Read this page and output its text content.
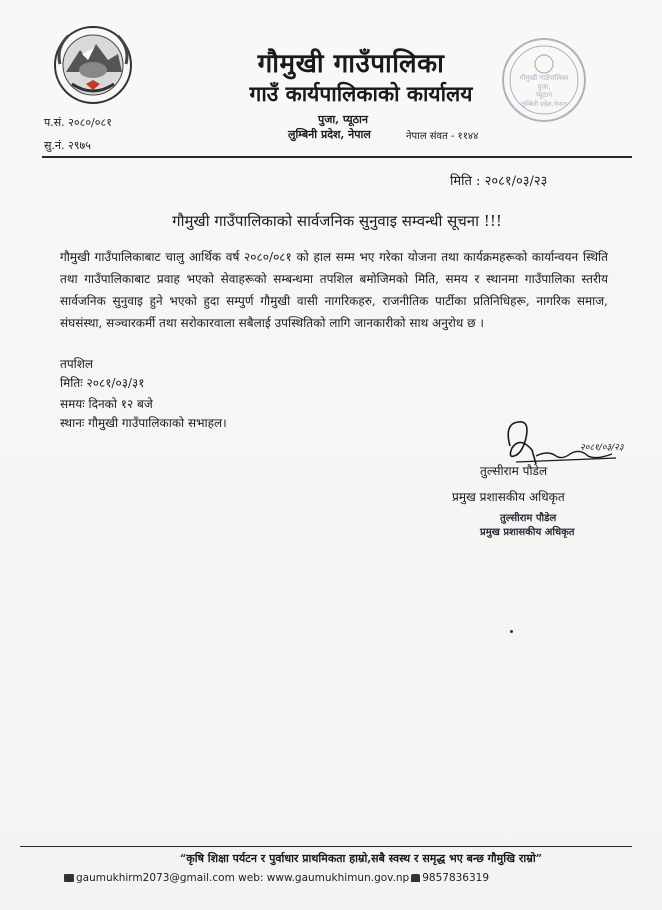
गौमुखी गाउँपालिका
पुजा,
प्यूठान
लुम्बिनी प्रदेश,नेपाल
गौमुखी गाउँपालिका
गाउँ कार्यपालिकाको कार्यालय
पुजा, प्यूठान
लुम्बिनी प्रदेश, नेपाल	नेपाल संवत - ११४४
प.सं. २०८०/०८१
सु.नं. २९७५
मिति : २०८१/०३/२३
गौमुखी गाउँपालिकाको सार्वजनिक सुनुवाइ सम्वन्धी सूचना !!!

गौमुखी गाउँपालिकाबाट चालु आर्थिक वर्ष २०८०/०८१ को हाल सम्म भए गरेका योजना तथा कार्यक्रमहरूको कार्यान्वयन स्थिति तथा गाउँपालिकाबाट प्रवाह भएको सेवाहरूको सम्बन्धमा तपशिल बमोजिमको मिति, समय र स्थानमा गाउँपालिका स्तरीय सार्वजनिक सुनुवाइ हुने भएको हुदा सम्पुर्ण गौमुखी वासी नागरिकहरु, राजनीतिक पार्टीका प्रतिनिधिहरू, नागरिक समाज, संघसंस्था, सञ्चारकर्मी तथा सरोकारवाला सबैलाई उपस्थितिको लागि जानकारीको साथ अनुरोध छ ।

तपशिल
मितिः २०८१/०३/३१
समयः दिनको १२ बजे
स्थानः गौमुखी गाउँपालिकाको सभाहल।
२०८१/०३/२३
तुल्सीराम पौडेल
प्रमुख प्रशासकीय अधिकृत
तुल्सीराम पौडेल
प्रमुख प्रशासकीय अधिकृत
“कृषि शिक्षा पर्यटन र पुर्वाधार प्राथमिकता हाम्रो,सबै स्वस्थ र समृद्ध भए बन्छ गौमुखि राम्रो”
gaumukhirm2073@gmail.com web: www.gaumukhimun.gov.np 9857836319
